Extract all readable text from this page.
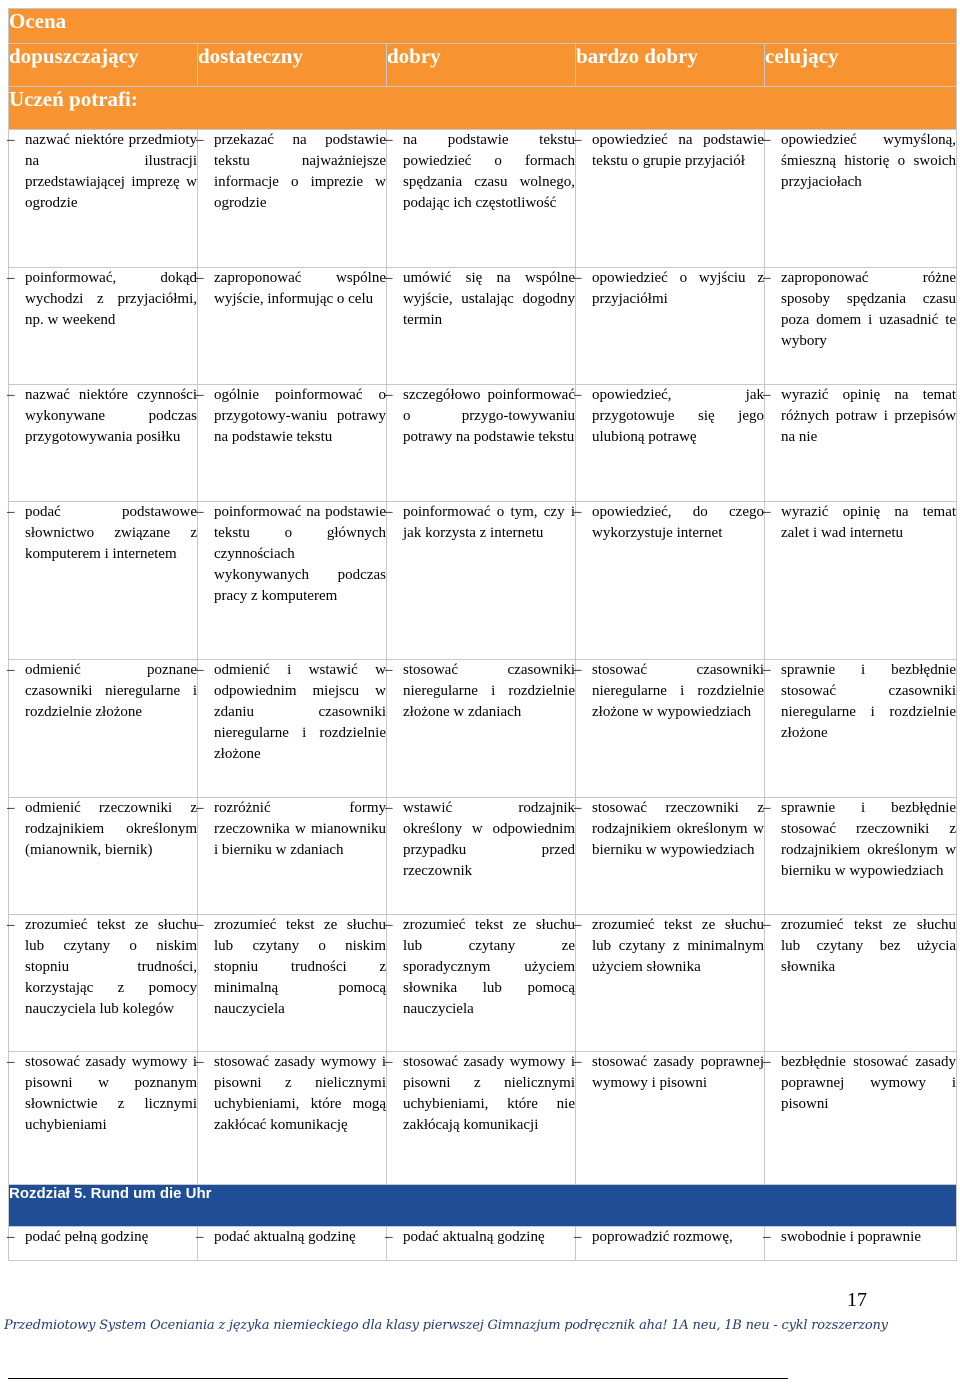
Ocena				
dopuszczający	dostateczny	dobry	bardzo dobry	celujący
Uczeń potrafi:				

– nazwać niektóre przedmioty na ilustracji przedstawiającej imprezę w ogrodzie	– przekazać na podstawie tekstu najważniejsze informacje o imprezie w ogrodzie	– na podstawie tekstu powiedzieć o formach spędzania czasu wolnego, podając ich częstotliwość	– opowiedzieć na podstawie tekstu o grupie przyjaciół	– opowiedzieć wymyśloną, śmieszną historię o swoich przyjaciołach

– poinformować, dokąd wychodzi z przyjaciółmi, np. w weekend	– zaproponować wspólne wyjście, informując o celu	– umówić się na wspólne wyjście, ustalając dogodny termin	– opowiedzieć o wyjściu z przyjaciółmi	– zaproponować różne sposoby spędzania czasu poza domem i uzasadnić te wybory

– nazwać niektóre czynności wykonywane podczas przygotowywania posiłku	– ogólnie poinformować o przygotowy-waniu potrawy na podstawie tekstu	– szczegółowo poinformować o przygo-towywaniu potrawy na podstawie tekstu	– opowiedzieć, jak przygotowuje się jego ulubioną potrawę	– wyrazić opinię na temat różnych potraw i przepisów na nie

– podać podstawowe słownictwo związane z komputerem i internetem	– poinformować na podstawie tekstu o głównych czynnościach wykonywanych podczas pracy z komputerem	– poinformować o tym, czy i jak korzysta z internetu	– opowiedzieć, do czego wykorzystuje internet	– wyrazić opinię na temat zalet i wad internetu

– odmienić poznane czasowniki nieregularne i rozdzielnie złożone	– odmienić i wstawić w odpowiednim miejscu w zdaniu czasowniki nieregularne i rozdzielnie złożone	– stosować czasowniki nieregularne i rozdzielnie złożone w zdaniach	– stosować czasowniki nieregularne i rozdzielnie złożone w wypowiedziach	– sprawnie i bezbłędnie stosować czasowniki nieregularne i rozdzielnie złożone

– odmienić rzeczowniki z rodzajnikiem określonym (mianownik, biernik)	– rozróżnić formy rzeczownika w mianowniku i bierniku w zdaniach	– wstawić rodzajnik określony w odpowiednim przypadku przed rzeczownik	– stosować rzeczowniki z rodzajnikiem określonym w bierniku w wypowiedziach	– sprawnie i bezbłędnie stosować rzeczowniki z rodzajnikiem określonym w bierniku w wypowiedziach

– zrozumieć tekst ze słuchu lub czytany o niskim stopniu trudności, korzystając z pomocy nauczyciela lub kolegów	– zrozumieć tekst ze słuchu lub czytany o niskim stopniu trudności z minimalną pomocą nauczyciela	– zrozumieć tekst ze słuchu lub czytany ze sporadycznym użyciem słownika lub pomocą nauczyciela	– zrozumieć tekst ze słuchu lub czytany z minimalnym użyciem słownika	– zrozumieć tekst ze słuchu lub czytany bez użycia słownika

– stosować zasady wymowy i pisowni w poznanym słownictwie z licznymi uchybieniami	– stosować zasady wymowy i pisowni z nielicznymi uchybieniami, które mogą zakłócać komunikację	– stosować zasady wymowy i pisowni z nielicznymi uchybieniami, które nie zakłócają komunikacji	– stosować zasady poprawnej wymowy i pisowni	– bezbłędnie stosować zasady poprawnej wymowy i pisowni

Rozdział 5. Rund um die Uhr				

– podać pełną godzinę	– podać aktualną godzinę	– podać aktualną godzinę	– poprowadzić rozmowę,	– swobodnie i poprawnie
17
Przedmiotowy System Oceniania z języka niemieckiego dla klasy pierwszej Gimnazjum podręcznik aha! 1A neu, 1B neu - cykl rozszerzony
